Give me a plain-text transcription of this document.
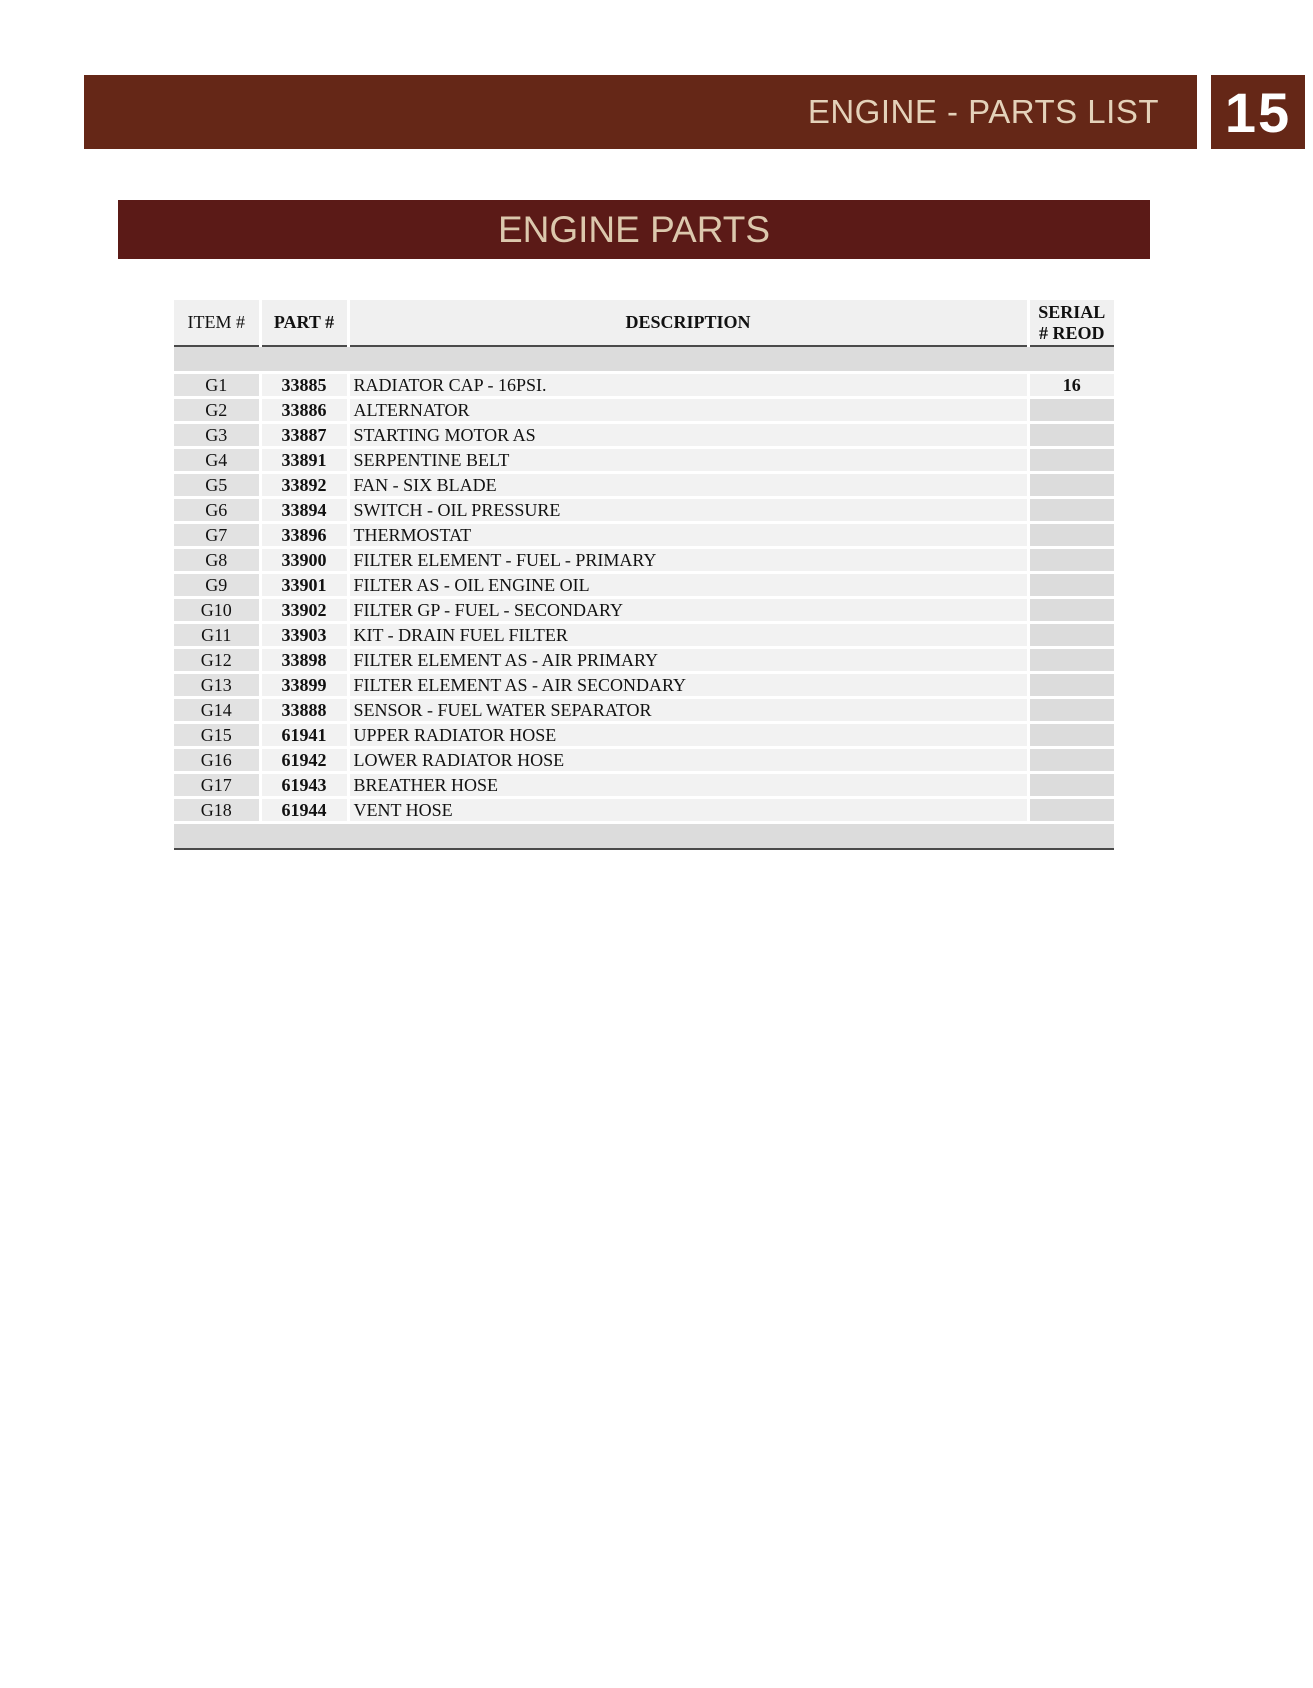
ENGINE - PARTS LIST 15
ENGINE PARTS
ITEM #	PART #	DESCRIPTION	SERIAL
# REOD

G1	33885	RADIATOR CAP - 16PSI.	16
G2	33886	ALTERNATOR	
G3	33887	STARTING MOTOR AS	
G4	33891	SERPENTINE BELT	
G5	33892	FAN - SIX BLADE	
G6	33894	SWITCH - OIL PRESSURE	
G7	33896	THERMOSTAT	
G8	33900	FILTER ELEMENT - FUEL - PRIMARY	
G9	33901	FILTER AS - OIL ENGINE OIL	
G10	33902	FILTER GP - FUEL - SECONDARY	
G11	33903	KIT - DRAIN FUEL FILTER	
G12	33898	FILTER ELEMENT AS - AIR PRIMARY	
G13	33899	FILTER ELEMENT AS - AIR SECONDARY	
G14	33888	SENSOR - FUEL WATER SEPARATOR	
G15	61941	UPPER RADIATOR HOSE	
G16	61942	LOWER RADIATOR HOSE	
G17	61943	BREATHER HOSE	
G18	61944	VENT HOSE	
